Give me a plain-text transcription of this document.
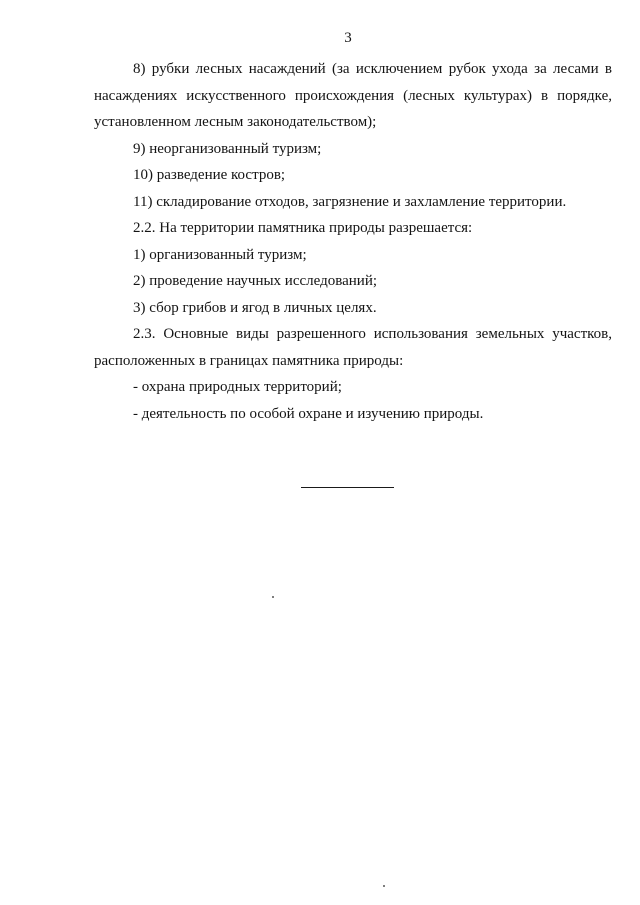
3

8) рубки лесных насаждений (за исключением рубок ухода за лесами в насаждениях искусственного происхождения (лесных культурах) в порядке, установленном лесным законодательством);

9) неорганизованный туризм;

10) разведение костров;

11) складирование отходов, загрязнение и захламление территории.

2.2. На территории памятника природы разрешается:

1) организованный туризм;

2) проведение научных исследований;

3) сбор грибов и ягод в личных целях.

2.3. Основные виды разрешенного использования земельных участков, расположенных в границах памятника природы:

- охрана природных территорий;

- деятельность по особой охране и изучению природы.
